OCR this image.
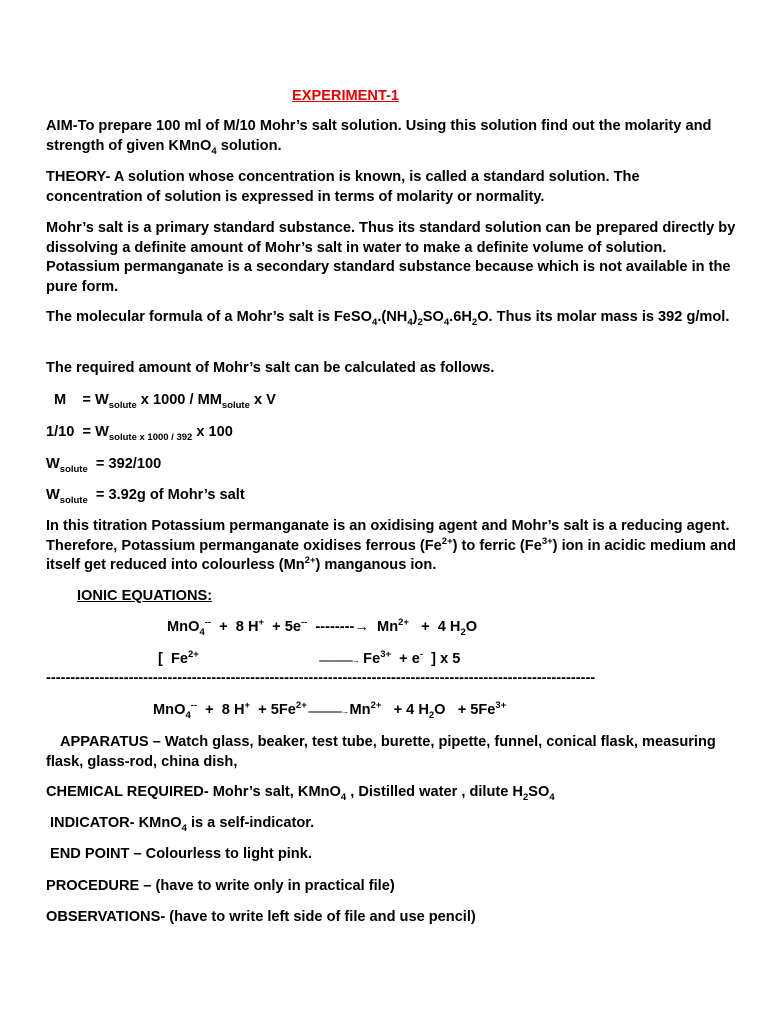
EXPERIMENT-1
AIM-To prepare 100 ml of M/10 Mohr’s salt solution. Using this solution find out the molarity and strength of given KMnO$_4$ solution.
THEORY- A solution whose concentration is known, is called a standard solution. The concentration of solution is expressed in terms of molarity or normality.
Mohr’s salt is a primary standard substance. Thus its standard solution can be prepared directly by dissolving a definite amount of Mohr’s salt in water to make a definite volume of solution. Potassium permanganate is a secondary standard substance because which is not available in the pure form.
The molecular formula of a Mohr’s salt is $FeSO_4.(NH_4)_2SO_4.6H_2O$. Thus its molar mass is 392 g/mol.
The required amount of Mohr’s salt can be calculated as follows.
$M = W_{solute}$ x $1000 / MM_{solute}$ x V
$1/10 = W_{solute x 1000 / 392}$ x 100
$W_{solute} = 392/100$
$W_{solute} = 3.92g$ of Mohr’s salt
In this titration Potassium permanganate is an oxidising agent and Mohr’s salt is a reducing agent. Therefore, Potassium permanganate oxidises ferrous $(Fe^{2+})$ to ferric $(Fe^{3+})$ ion in acidic medium and itself get reduced into colourless $(Mn^{2+})$ manganous ion.
IONIC EQUATIONS:
MnO$_4$--  +  8 H+  + 5e--  --------→  $Mn^{2+} + 4$ $H_2O$
[  $Fe^{2+}--------------------\to Fe^{3+} + e^-$  ] x 5
-----------------------------------------------------------------------------------------------------------------
MnO$_4$--  +  8 $H^+ + 5Fe^{2+}$ --------------------→ $Mn^{2+} + 4$ $H_2O + 5Fe^{3+}$
APPARATUS – Watch glass, beaker, test tube, burette, pipette, funnel, conical flask, measuring flask, glass-rod, china dish,
CHEMICAL REQUIRED- Mohr’s salt, KMnO$_4$ , Distilled water , dilute $H_2SO_4$
INDICATOR- KMnO$_4$ is a self-indicator.
END POINT – Colourless to light pink.
PROCEDURE – (have to write only in practical file)
OBSERVATIONS- (have to write left side of file and use pencil)
